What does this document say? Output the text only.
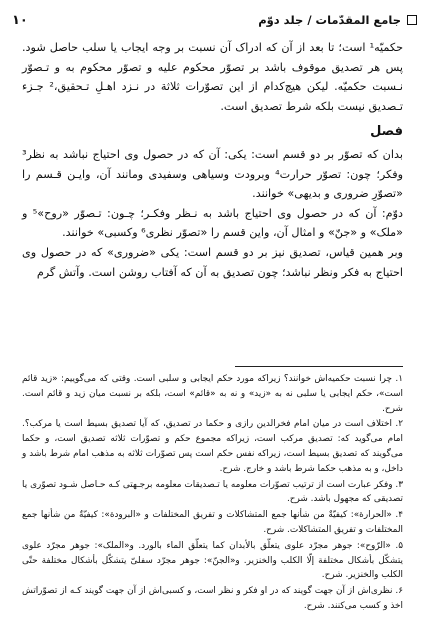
جامع المقدّمات / جلد دوّم
۱۰

حکمیّه¹ است؛ تا بعد از آن که ادراک آن نسبت بر وجه ایجاب یا سلب حاصل شود. پس هر تصدیق موقوف باشد بر تصوّر محکوم علیه و تصوّر محکوم به و تـصوّر نـسبت حکمیّه. لیکن هیچ‌کدام از این تصوّرات ثلاثة در نـزد اهـلِ تـحقیق،² جـزء تـصدیق نیست بلکه شرط تصدیق است.

فصل

بدان که تصوّر بر دو قسم است: یکی: آن که در حصول وی احتیاج نباشد به نظر³ وفکر؛ چون: تصوّر حرارت⁴ وبرودت وسیاهی وسفیدی ومانند آن، وایـن قـسم را «تصوّرِ ضروری و بدیهی» خوانند.

دوّم: آن که در حصول وی احتیاج باشد به نـظر وفکـر؛ چـون: تـصوّر «روح»⁵ و «ملک» و «جنّ» و امثال آن، واین قسم را «تصوّر نظری⁶ وکسبی» خوانند.

وبر همین قیاس، تصدیق نیز بر دو قسم است: یکی «ضروری» که در حصول وی احتیاج به فکر ونظر نباشد؛ چون تصدیق به آن که آفتاب روشن است. وآتش گرم

۱. چرا نسبت حکمیه‌اش خوانند؟ زیراکه مورد حکم ایجابی و سلبی است. وقتی که می‌گوییم: «زید قائم است»، حکم ایجابی یا سلبی نه به «زید» و نه به «قائم» است، بلکه بر نسبت میان زید و قائم است. شرح.

۲. اختلاف است در میان امام فخرالدین رازی و حکما در تصدیق، که آیا تصدیق بسیط است یا مرکب؟. امام می‌گوید که: تصدیق مرکب است، زیراکه مجموع حکم و تصوّرات ثلاثه تصدیق است، و حکما می‌گویند که تصدیق بسیط است، زیراکه نفس حکم است پس تصوّرات ثلاثه به مذهب امام شرط باشد و داخل، و به مذهب حکما شرط باشد و خارج. شرح.

۳. وفکر عبارت است از ترتیب تصوّرات معلومه یا تـصدیقات معلومه برجـهتی کـه حـاصل شـود تصوّری یا تصدیقی که مجهول باشد. شرح.

۴. «الحرارة»: کیفیّةٌ من شأنها جمع المتشاکلات و تفریق المختلفات و «البرودة»: کیفیّةٌ من شأنها جمع المختلفات و تفریق المتشاکلات. شرح.

۵. «الرّوح»: جوهر مجرّد علوی یتعلّق بالأبدان کما یتعلّق الماء بالورد. و«الملک»: جوهر مجرّد علوی یتشکّل بأشکال مختلفة إلّا الکلب والخنزیر. و«الجنّ»: جوهر مجرّد سفلیّ یتشکّل بأشکال مختلفة حتّی الکلب والخنزیر. شرح.

۶. نظری‌اش از آن جهت گویند که در او فکر و نظر است، و کسبی‌اش از آن جهت گویند کـه از تصوّراتش اخذ و کسب می‌کنند. شرح.
